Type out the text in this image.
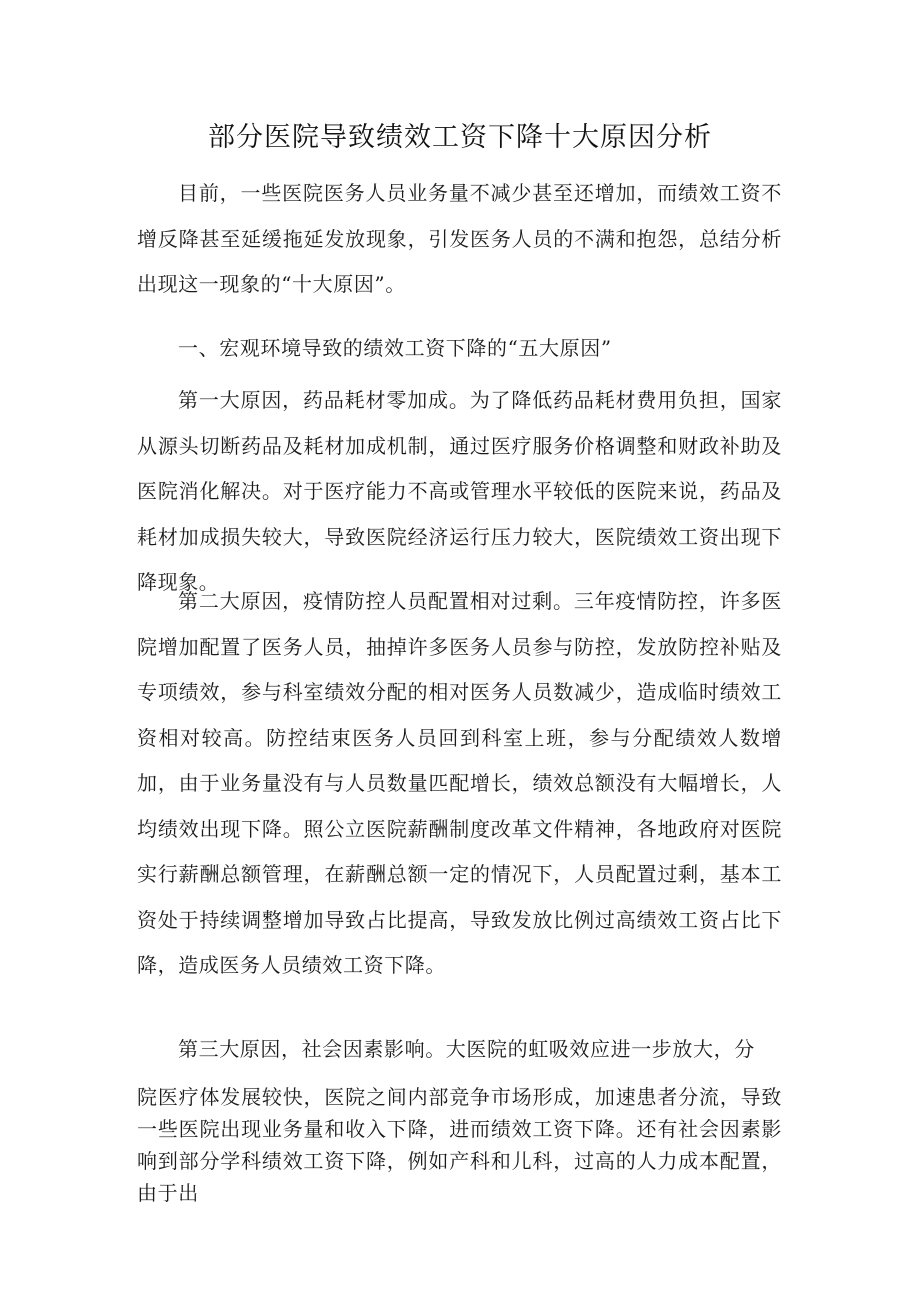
部分医院导致绩效工资下降十大原因分析

目前，一些医院医务人员业务量不减少甚至还增加，而绩效工资不增反降甚至延缓拖延发放现象，引发医务人员的不满和抱怨，总结分析出现这一现象的“十大原因”。

一、宏观环境导致的绩效工资下降的“五大原因”

第一大原因，药品耗材零加成。为了降低药品耗材费用负担，国家从源头切断药品及耗材加成机制，通过医疗服务价格调整和财政补助及医院消化解决。对于医疗能力不高或管理水平较低的医院来说，药品及耗材加成损失较大，导致医院经济运行压力较大，医院绩效工资出现下降现象。

第二大原因，疫情防控人员配置相对过剩。三年疫情防控，许多医院增加配置了医务人员，抽掉许多医务人员参与防控，发放防控补贴及专项绩效，参与科室绩效分配的相对医务人员数减少，造成临时绩效工资相对较高。防控结束医务人员回到科室上班，参与分配绩效人数增加，由于业务量没有与人员数量匹配增长，绩效总额没有大幅增长，人均绩效出现下降。照公立医院薪酬制度改革文件精神，各地政府对医院实行薪酬总额管理，在薪酬总额一定的情况下，人员配置过剩，基本工资处于持续调整增加导致占比提高，导致发放比例过高绩效工资占比下降，造成医务人员绩效工资下降。

第三大原因，社会因素影响。大医院的虹吸效应进一步放大，分

院医疗体发展较快，医院之间内部竞争市场形成，加速患者分流，导致一些医院出现业务量和收入下降，进而绩效工资下降。还有社会因素影响到部分学科绩效工资下降，例如产科和儿科，过高的人力成本配置，由于出
